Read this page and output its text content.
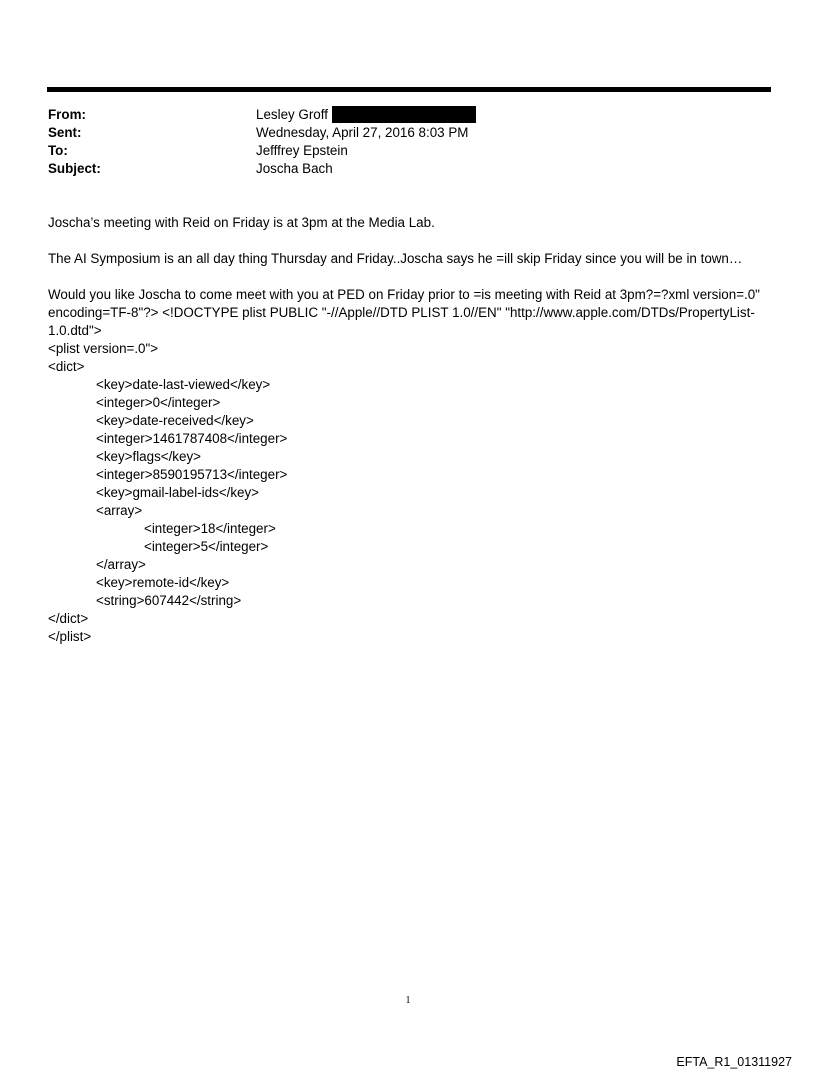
From:	Lesley Groff
Sent:	Wednesday, April 27, 2016 8:03 PM
To:	Jefffrey Epstein
Subject:	Joscha Bach

Joscha’s meeting with Reid on Friday is at 3pm at the Media Lab.

The AI Symposium is an all day thing Thursday and Friday..Joscha says he =ill skip Friday since you will be in town…

Would you like Joscha to come meet with you at PED on Friday prior to =is meeting with Reid at 3pm?=?xml version=.0"
encoding=TF-8"?> <!DOCTYPE plist PUBLIC "-//Apple//DTD PLIST 1.0//EN" "http://www.apple.com/DTDs/PropertyList-
1.0.dtd">
<plist version=.0">
<dict>
<key>date-last-viewed</key>
<integer>0</integer>
<key>date-received</key>
<integer>1461787408</integer>
<key>flags</key>
<integer>8590195713</integer>
<key>gmail-label-ids</key>
<array>
<integer>18</integer>
<integer>5</integer>
</array>
<key>remote-id</key>
<string>607442</string>
</dict>
</plist>
1
EFTA_R1_01311927
